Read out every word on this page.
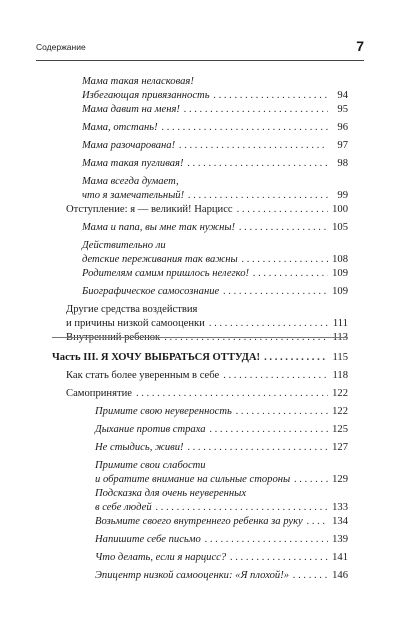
Содержание	7
Мама такая неласковая!
Избегающая привязанность . . .	94
Мама давит на меня! . . .	95
Мама, отстань! . . .	96
Мама разочарована! . . .	97
Мама такая пугливая! . . .	98
Мама всегда думает,
что я замечательный! . . .	99
Отступление: я — великий! Нарцисс . . .	100
Мама и папа, вы мне так нужны! . . .	105
Действительно ли
детские переживания так важны . . .	108
Родителям самим пришлось нелегко! . . .	109
Биографическое самосознание . . .	109
Другие средства воздействия
и причины низкой самооценки . . .	111
Внутренний ребенок . . .	113
Часть III. Я ХОЧУ ВЫБРАТЬСЯ ОТТУДА! . . .	115
Как стать более уверенным в себе . . .	118
Самопринятие . . .	122
Примите свою неуверенность . . .	122
Дыхание против страха . . .	125
Не стыдись, живи! . . .	127
Примите свои слабости
и обратите внимание на сильные стороны . . .	129
Подсказка для очень неуверенных
в себе людей . . .	133
Возьмите своего внутреннего ребенка за руку . . .	134
Напишите себе письмо . . .	139
Что делать, если я нарцисс? . . .	141
Эпицентр низкой самооценки: «Я плохой!» . . .	146
